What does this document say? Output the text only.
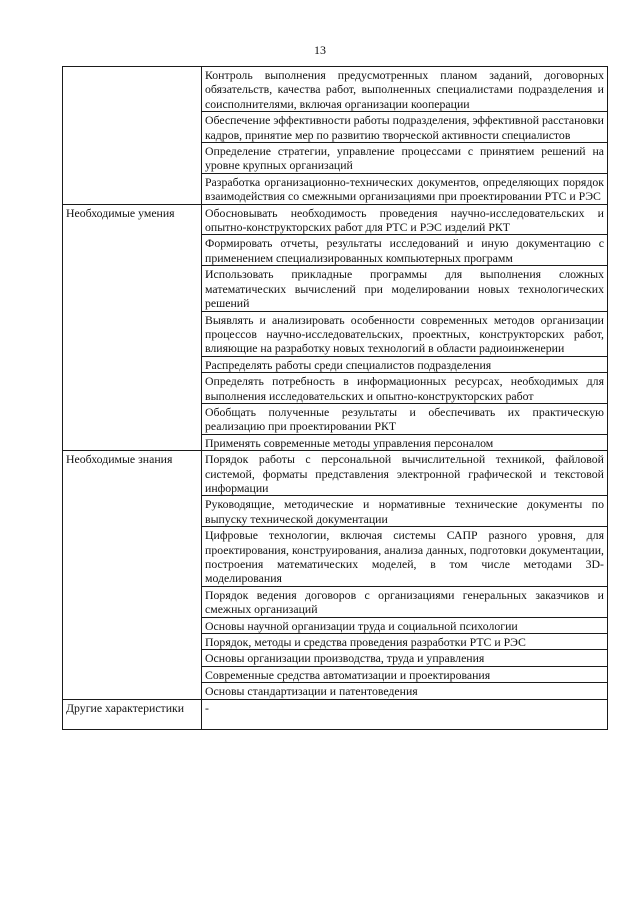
13
	Контроль выполнения предусмотренных планом заданий, договорных обязательств, качества работ, выполненных специалистами подразделения и соисполнителями, включая организации кооперации
	Обеспечение эффективности работы подразделения, эффективной расстановки кадров, принятие мер по развитию творческой активности специалистов
	Определение стратегии, управление процессами с принятием решений на уровне крупных организаций
	Разработка организационно-технических документов, определяющих порядок взаимодействия со смежными организациями при проектировании РТС и РЭС
Необходимые умения	Обосновывать необходимость проведения научно-исследовательских и опытно-конструкторских работ для РТС и РЭС изделий РКТ
	Формировать отчеты, результаты исследований и иную документацию с применением специализированных компьютерных программ
	Использовать прикладные программы для выполнения сложных математических вычислений при моделировании новых технологических решений
	Выявлять и анализировать особенности современных методов организации процессов научно-исследовательских, проектных, конструкторских работ, влияющие на разработку новых технологий в области радиоинженерии
	Распределять работы среди специалистов подразделения
	Определять потребность в информационных ресурсах, необходимых для выполнения исследовательских и опытно-конструкторских работ
	Обобщать полученные результаты и обеспечивать их практическую реализацию при проектировании РКТ
	Применять современные методы управления персоналом
Необходимые знания	Порядок работы с персональной вычислительной техникой, файловой системой, форматы представления электронной графической и текстовой информации
	Руководящие, методические и нормативные технические документы по выпуску технической документации
	Цифровые технологии, включая системы САПР разного уровня, для проектирования, конструирования, анализа данных, подготовки документации, построения математических моделей, в том числе методами 3D-моделирования
	Порядок ведения договоров с организациями генеральных заказчиков и смежных организаций
	Основы научной организации труда и социальной психологии
	Порядок, методы и средства проведения разработки РТС и РЭС
	Основы организации производства, труда и управления
	Современные средства автоматизации и проектирования
	Основы стандартизации и патентоведения
Другие характеристики	-
